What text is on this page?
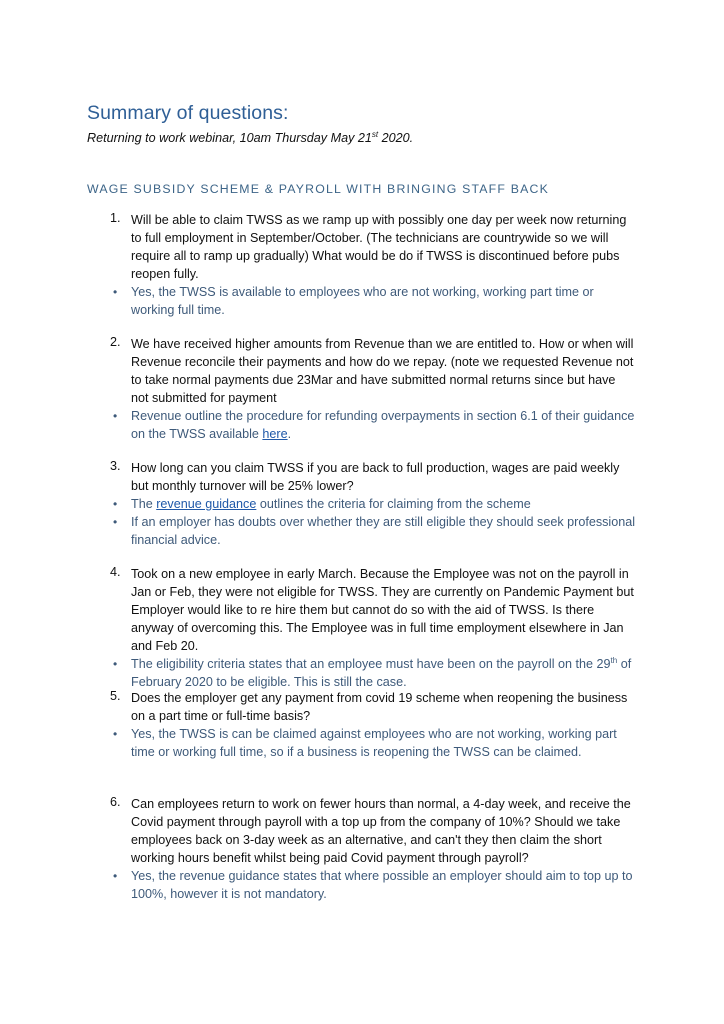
Summary of questions:
Returning to work webinar, 10am Thursday May 21st 2020.
WAGE SUBSIDY SCHEME & PAYROLL WITH BRINGING STAFF BACK
1. Will be able to claim TWSS as we ramp up with possibly one day per week now returning to full employment in September/October. (The technicians are countrywide so we will require all to ramp up gradually) What would be do if TWSS is discontinued before pubs reopen fully.
• Yes, the TWSS is available to employees who are not working, working part time or working full time.
2. We have received higher amounts from Revenue than we are entitled to. How or when will Revenue reconcile their payments and how do we repay. (note we requested Revenue not to take normal payments due 23Mar and have submitted normal returns since but have not submitted for payment
• Revenue outline the procedure for refunding overpayments in section 6.1 of their guidance on the TWSS available here.
3. How long can you claim TWSS if you are back to full production, wages are paid weekly but monthly turnover will be 25% lower?
• The revenue guidance outlines the criteria for claiming from the scheme
• If an employer has doubts over whether they are still eligible they should seek professional financial advice.
4. Took on a new employee in early March. Because the Employee was not on the payroll in Jan or Feb, they were not eligible for TWSS. They are currently on Pandemic Payment but Employer would like to re hire them but cannot do so with the aid of TWSS. Is there anyway of overcoming this. The Employee was in full time employment elsewhere in Jan and Feb 20.
• The eligibility criteria states that an employee must have been on the payroll on the 29th of February 2020 to be eligible. This is still the case.
5. Does the employer get any payment from covid 19 scheme when reopening the business on a part time or full-time basis?
• Yes, the TWSS is can be claimed against employees who are not working, working part time or working full time, so if a business is reopening the TWSS can be claimed.
6. Can employees return to work on fewer hours than normal, a 4-day week, and receive the Covid payment through payroll with a top up from the company of 10%? Should we take employees back on 3-day week as an alternative, and can't they then claim the short working hours benefit whilst being paid Covid payment through payroll?
• Yes, the revenue guidance states that where possible an employer should aim to top up to 100%, however it is not mandatory.
